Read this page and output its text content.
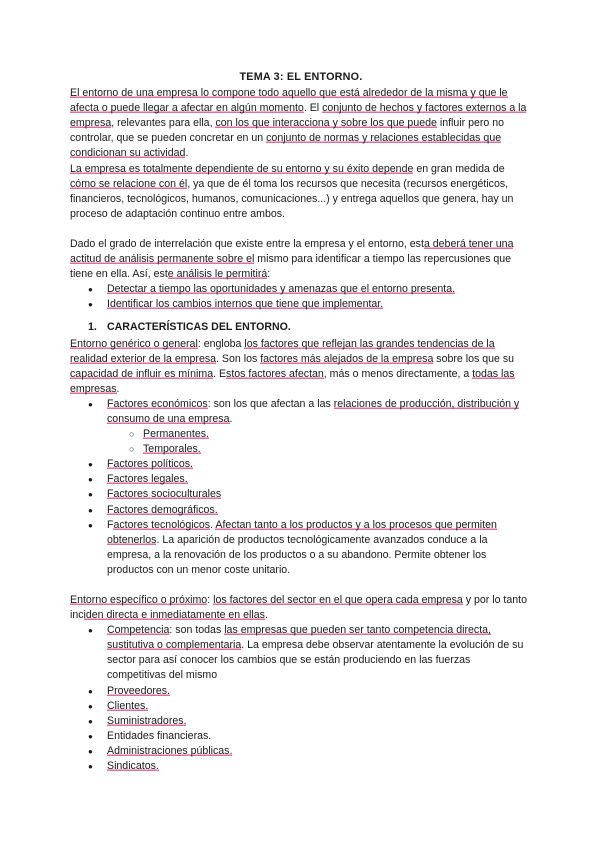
TEMA 3: EL ENTORNO.

El entorno de una empresa lo compone todo aquello que está alrededor de la misma y que le afecta o puede llegar a afectar en algún momento. El conjunto de hechos y factores externos a la empresa, relevantes para ella, con los que interacciona y sobre los que puede influir pero no controlar, que se pueden concretar en un conjunto de normas y relaciones establecidas que condicionan su actividad.

La empresa es totalmente dependiente de su entorno y su éxito depende en gran medida de cómo se relacione con él, ya que de él toma los recursos que necesita (recursos energéticos, financieros, tecnológicos, humanos, comunicaciones...) y entrega aquellos que genera, hay un proceso de adaptación continuo entre ambos.

Dado el grado de interrelación que existe entre la empresa y el entorno, esta deberá tener una actitud de análisis permanente sobre el mismo para identificar a tiempo las repercusiones que tiene en ella. Así, este análisis le permitirá:

● Detectar a tiempo las oportunidades y amenazas que el entorno presenta.
● Identificar los cambios internos que tiene que implementar.
1. CARACTERÍSTICAS DEL ENTORNO.

Entorno genérico o general: engloba los factores que reflejan las grandes tendencias de la realidad exterior de la empresa. Son los factores más alejados de la empresa sobre los que su capacidad de influir es mínima. Estos factores afectan, más o menos directamente, a todas las empresas.

● Factores económicos: son los que afectan a las relaciones de producción, distribución y consumo de una empresa.
○ Permanentes.
○ Temporales.
● Factores políticos.
● Factores legales.
● Factores socioculturales
● Factores demográficos.
● Factores tecnológicos. Afectan tanto a los productos y a los procesos que permiten obtenerlos. La aparición de productos tecnológicamente avanzados conduce a la empresa, a la renovación de los productos o a su abandono. Permite obtener los productos con un menor coste unitario.

Entorno específico o próximo: los factores del sector en el que opera cada empresa y por lo tanto inciden directa e inmediatamente en ellas.

● Competencia: son todas las empresas que pueden ser tanto competencia directa, sustitutiva o complementaria. La empresa debe observar atentamente la evolución de su sector para así conocer los cambios que se están produciendo en las fuerzas competitivas del mismo
● Proveedores.
● Clientes.
● Suministradores.
● Entidades financieras.
● Administraciones públicas.
● Sindicatos.
